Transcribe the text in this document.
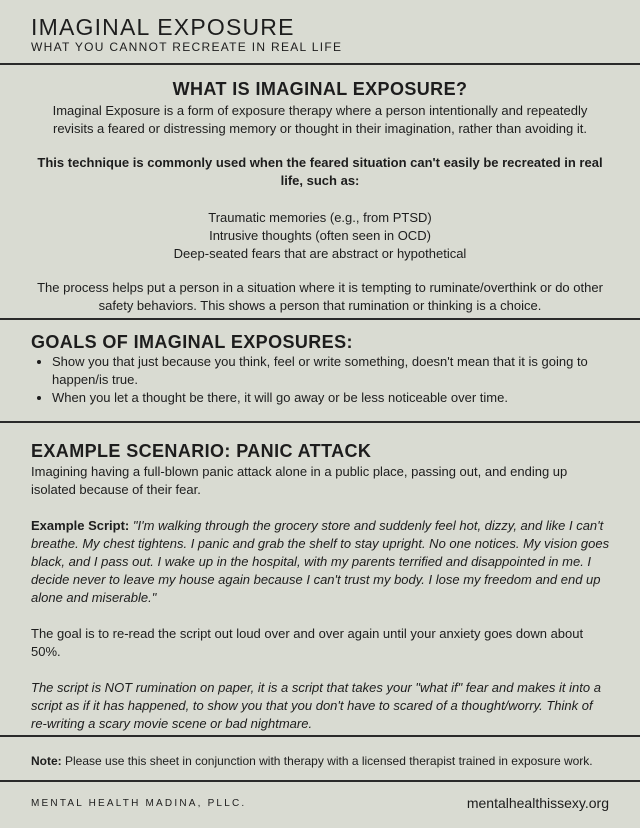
IMAGINAL EXPOSURE
WHAT YOU CANNOT RECREATE IN REAL LIFE
WHAT IS IMAGINAL EXPOSURE?
Imaginal Exposure is a form of exposure therapy where a person intentionally and repeatedly revisits a feared or distressing memory or thought in their imagination, rather than avoiding it.
This technique is commonly used when the feared situation can't easily be recreated in real life, such as:
Traumatic memories (e.g., from PTSD)
Intrusive thoughts (often seen in OCD)
Deep-seated fears that are abstract or hypothetical
The process helps put a person in a situation where it is tempting to ruminate/overthink or do other safety behaviors. This shows a person that rumination or thinking is a choice.
GOALS OF IMAGINAL EXPOSURES:
• Show you that just because you think, feel or write something, doesn't mean that it is going to happen/is true.
• When you let a thought be there, it will go away or be less noticeable over time.
EXAMPLE SCENARIO: PANIC ATTACK
Imagining having a full-blown panic attack alone in a public place, passing out, and ending up isolated because of their fear.
Example Script: "I'm walking through the grocery store and suddenly feel hot, dizzy, and like I can't breathe. My chest tightens. I panic and grab the shelf to stay upright. No one notices. My vision goes black, and I pass out. I wake up in the hospital, with my parents terrified and disappointed in me. I decide never to leave my house again because I can't trust my body. I lose my freedom and end up alone and miserable."
The goal is to re-read the script out loud over and over again until your anxiety goes down about 50%.
The script is NOT rumination on paper, it is a script that takes your "what if" fear and makes it into a script as if it has happened, to show you that you don't have to scared of a thought/worry. Think of re-writing a scary movie scene or bad nightmare.
Note: Please use this sheet in conjunction with therapy with a licensed therapist trained in exposure work.
MENTAL HEALTH MADINA, PLLC.	mentalhealthissexy.org
